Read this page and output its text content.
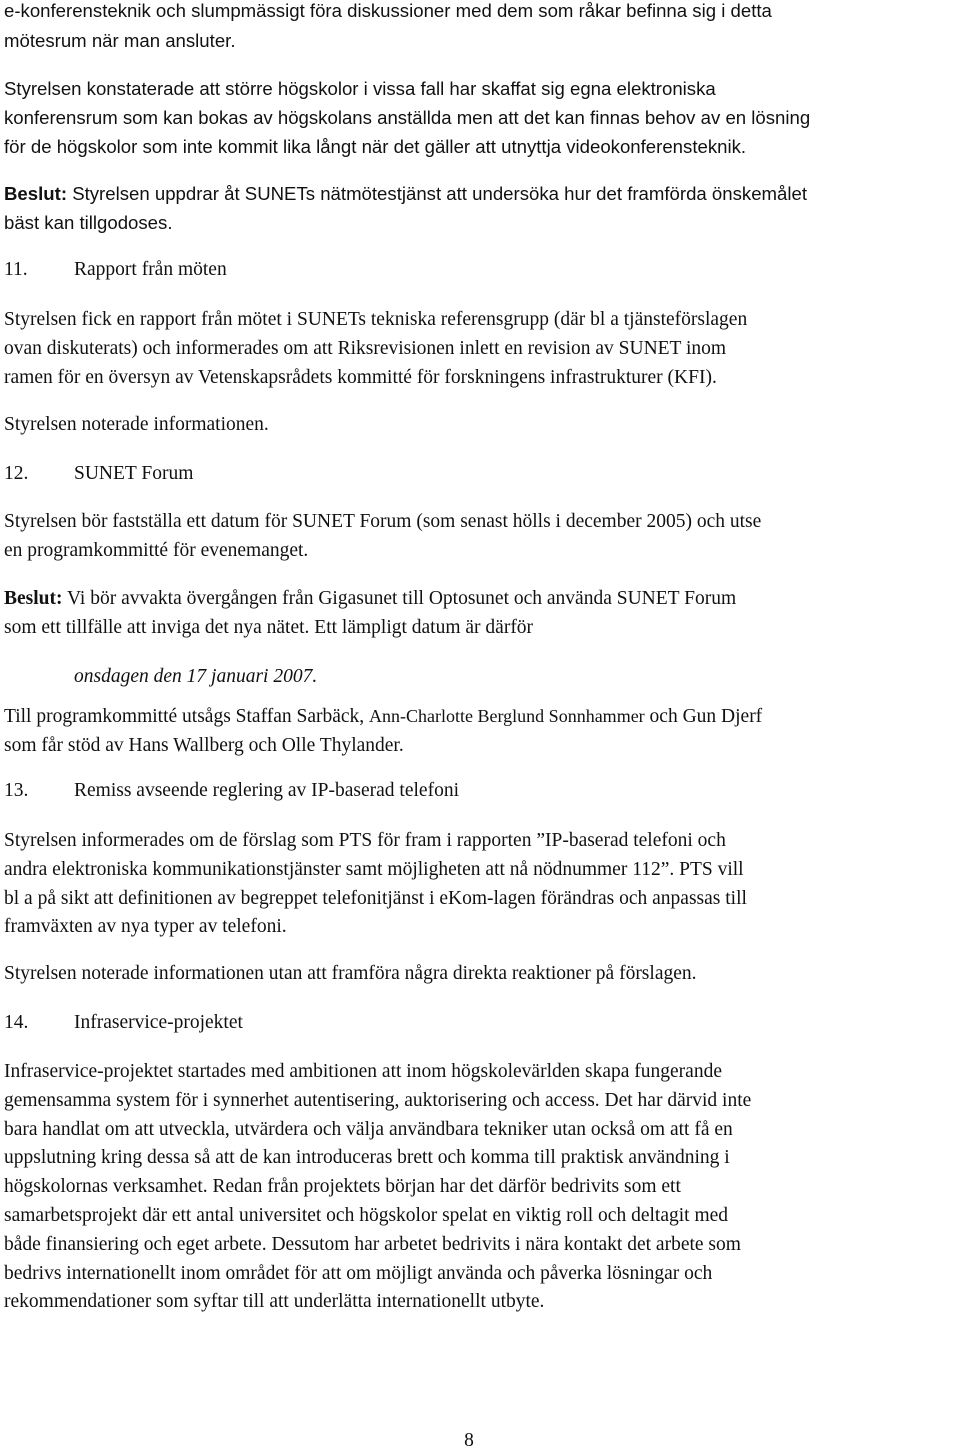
e-konferensteknik och slumpmässigt föra diskussioner med dem som råkar befinna sig i detta
mötesrum när man ansluter.
Styrelsen konstaterade att större högskolor i vissa fall har skaffat sig egna elektroniska
konferensrum som kan bokas av högskolans anställda men att det kan finnas behov av en lösning
för de högskolor som inte kommit lika långt när det gäller att utnyttja videokonferensteknik.
Beslut: Styrelsen uppdrar åt SUNETs nätmötestjänst att undersöka hur det framförda önskemålet
bäst kan tillgodoses.
11. Rapport från möten
Styrelsen fick en rapport från mötet i SUNETs tekniska referensgrupp (där bl a tjänsteförslagen
ovan diskuterats) och informerades om att Riksrevisionen inlett en revision av SUNET inom
ramen för en översyn av Vetenskapsrådets kommitté för forskningens infrastrukturer (KFI).
Styrelsen noterade informationen.
12. SUNET Forum
Styrelsen bör fastställa ett datum för SUNET Forum (som senast hölls i december 2005) och utse
en programkommitté för evenemanget.
Beslut: Vi bör avvakta övergången från Gigasunet till Optosunet och använda SUNET Forum
som ett tillfälle att inviga det nya nätet. Ett lämpligt datum är därför
onsdagen den 17 januari 2007.
Till programkommitté utsågs Staffan Sarbäck, Ann-Charlotte Berglund Sonnhammer och Gun Djerf
som får stöd av Hans Wallberg och Olle Thylander.
13. Remiss avseende reglering av IP-baserad telefoni
Styrelsen informerades om de förslag som PTS för fram i rapporten ”IP-baserad telefoni och
andra elektroniska kommunikationstjänster samt möjligheten att nå nödnummer 112”. PTS vill
bl a på sikt att definitionen av begreppet telefonitjänst i eKom-lagen förändras och anpassas till
framväxten av nya typer av telefoni.
Styrelsen noterade informationen utan att framföra några direkta reaktioner på förslagen.
14. Infraservice-projektet
Infraservice-projektet startades med ambitionen att inom högskolevärlden skapa fungerande
gemensamma system för i synnerhet autentisering, auktorisering och access. Det har därvid inte
bara handlat om att utveckla, utvärdera och välja användbara tekniker utan också om att få en
uppslutning kring dessa så att de kan introduceras brett och komma till praktisk användning i
högskolornas verksamhet. Redan från projektets början har det därför bedrivits som ett
samarbetsprojekt där ett antal universitet och högskolor spelat en viktig roll och deltagit med
både finansiering och eget arbete. Dessutom har arbetet bedrivits i nära kontakt det arbete som
bedrivs internationellt inom området för att om möjligt använda och påverka lösningar och
rekommendationer som syftar till att underlätta internationellt utbyte.
8
